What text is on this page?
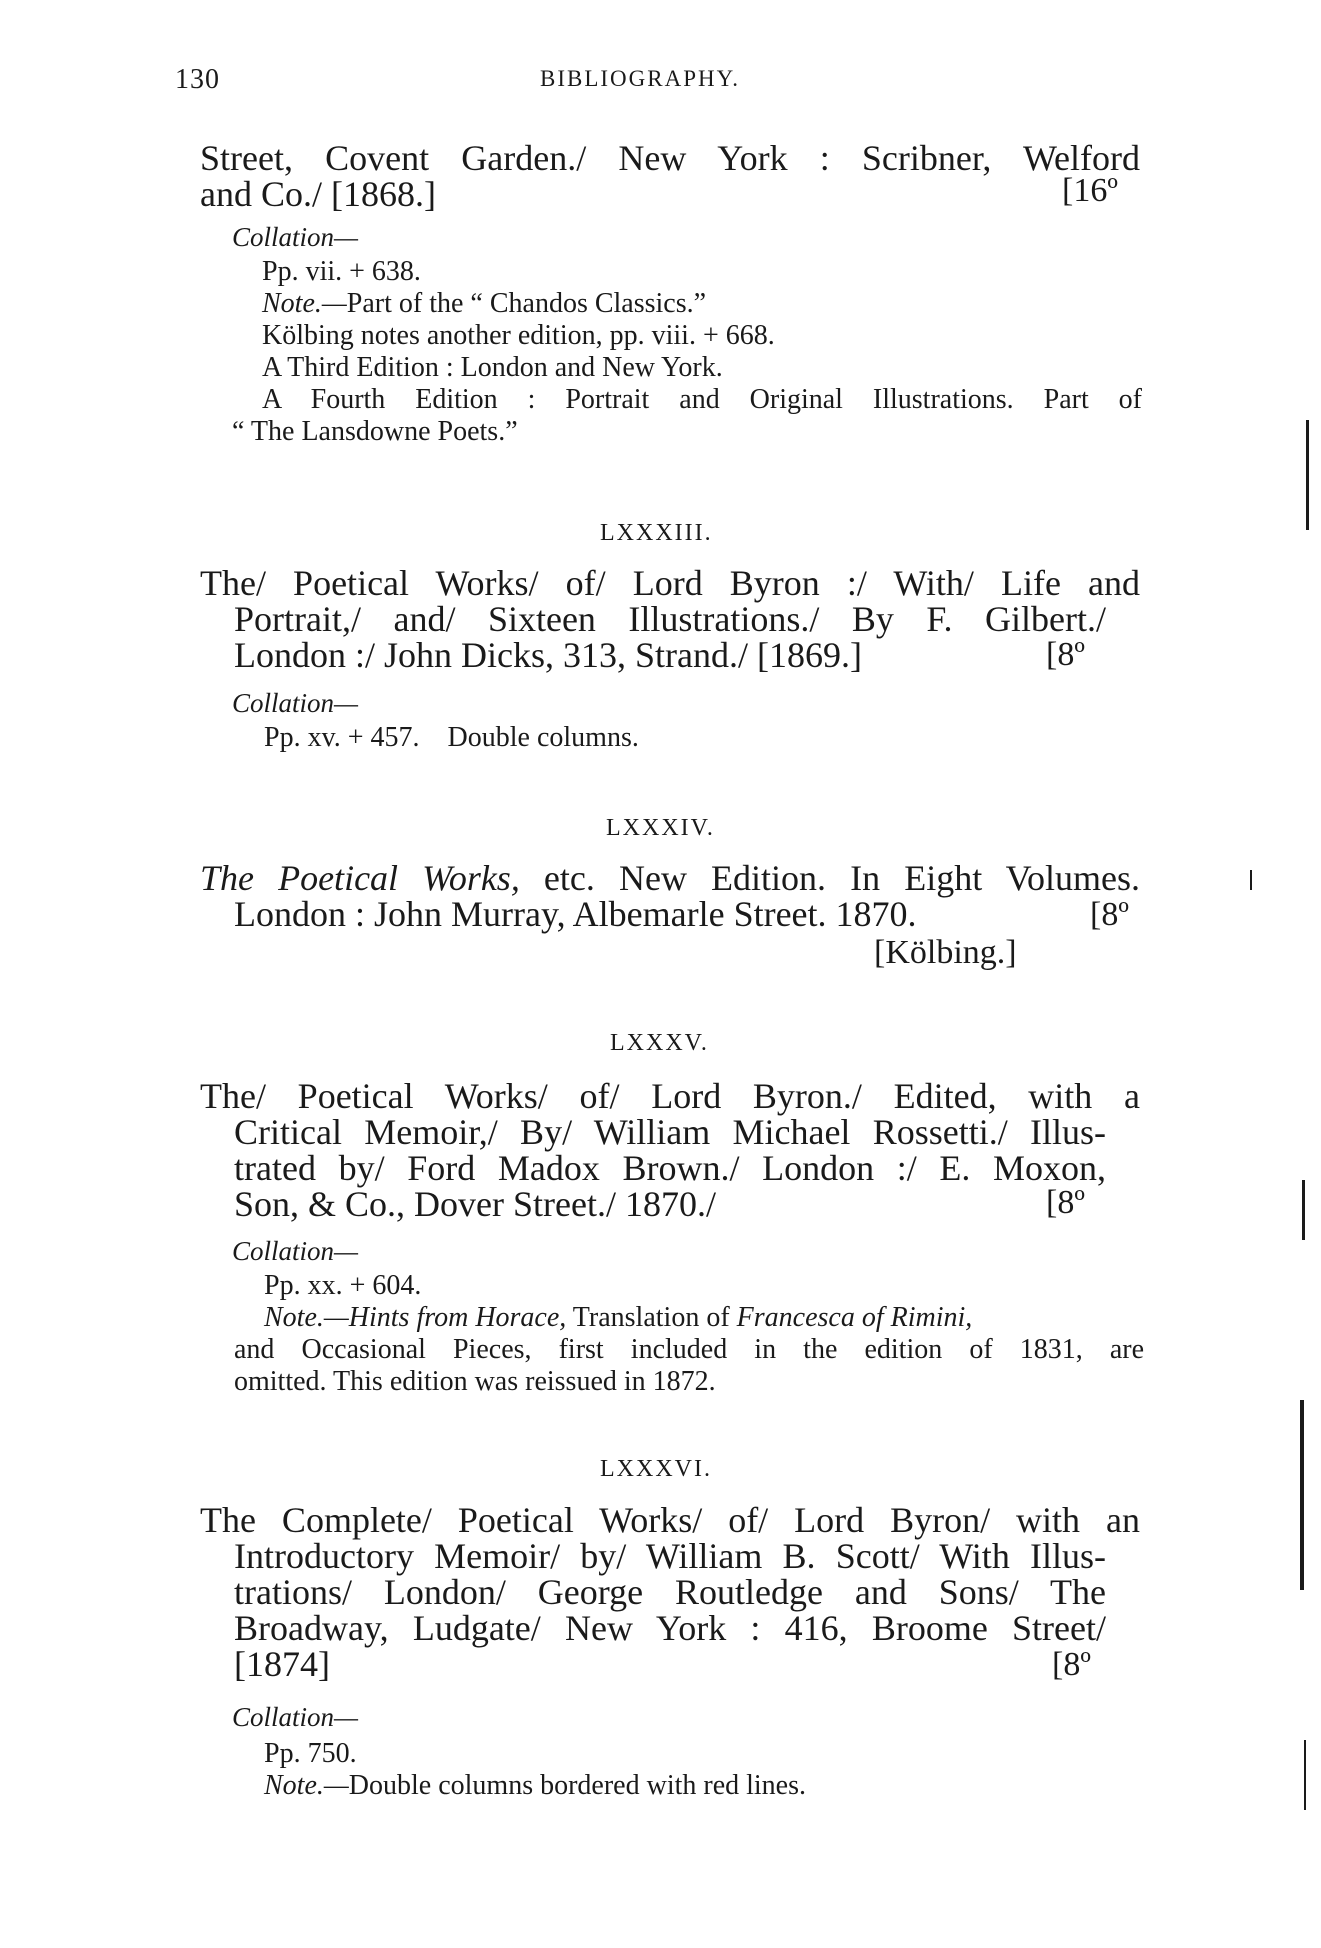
130	BIBLIOGRAPHY.
Street, Covent Garden./ New York : Scribner, Welford
and Co./ [1868.]	[16º
Collation—
Pp. vii. + 638.
Note.—Part of the “ Chandos Classics.”
Kölbing notes another edition, pp. viii. + 668.
A Third Edition : London and New York.
A Fourth Edition : Portrait and Original Illustrations. Part of
“ The Lansdowne Poets.”
LXXXIII.
The/ Poetical Works/ of/ Lord Byron :/ With/ Life and
Portrait,/ and/ Sixteen Illustrations./ By F. Gilbert./
London :/ John Dicks, 313, Strand./ [1869.]	[8º
Collation—
Pp. xv. + 457. Double columns.
LXXXIV.
The Poetical Works, etc. New Edition. In Eight Volumes.
London : John Murray, Albemarle Street. 1870.	[8º
[Kölbing.]
LXXXV.
The/ Poetical Works/ of/ Lord Byron./ Edited, with a
Critical Memoir,/ By/ William Michael Rossetti./ Illus-
trated by/ Ford Madox Brown./ London :/ E. Moxon,
Son, & Co., Dover Street./ 1870./	[8º
Collation—
Pp. xx. + 604.
Note.—Hints from Horace, Translation of Francesca of Rimini,
and Occasional Pieces, first included in the edition of 1831, are
omitted. This edition was reissued in 1872.
LXXXVI.
The Complete/ Poetical Works/ of/ Lord Byron/ with an
Introductory Memoir/ by/ William B. Scott/ With Illus-
trations/ London/ George Routledge and Sons/ The
Broadway, Ludgate/ New York : 416, Broome Street/
[1874]	[8º
Collation—
Pp. 750.
Note.—Double columns bordered with red lines.
